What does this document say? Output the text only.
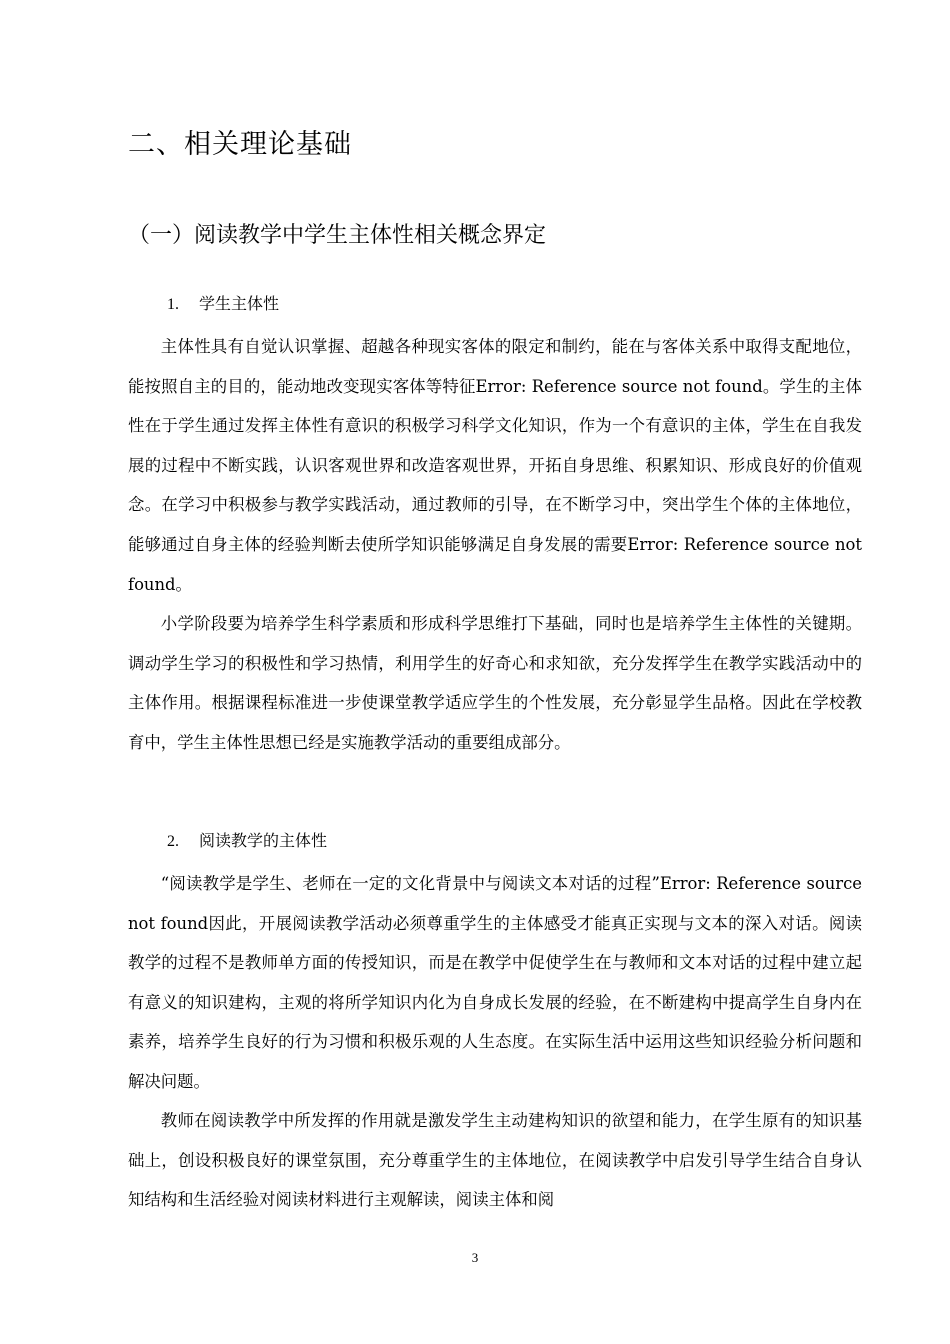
二、相关理论基础
（一）阅读教学中学生主体性相关概念界定
1. 学生主体性

主体性具有自觉认识掌握、超越各种现实客体的限定和制约，能在与客体关系中取得支配地位，能按照自主的目的，能动地改变现实客体等特征Error: Reference source not found。学生的主体性在于学生通过发挥主体性有意识的积极学习科学文化知识，作为一个有意识的主体，学生在自我发展的过程中不断实践，认识客观世界和改造客观世界，开拓自身思维、积累知识、形成良好的价值观念。在学习中积极参与教学实践活动，通过教师的引导，在不断学习中，突出学生个体的主体地位，能够通过自身主体的经验判断去使所学知识能够满足自身发展的需要Error: Reference source not found。

小学阶段要为培养学生科学素质和形成科学思维打下基础，同时也是培养学生主体性的关键期。调动学生学习的积极性和学习热情，利用学生的好奇心和求知欲，充分发挥学生在教学实践活动中的主体作用。根据课程标准进一步使课堂教学适应学生的个性发展，充分彰显学生品格。因此在学校教育中，学生主体性思想已经是实施教学活动的重要组成部分。

2. 阅读教学的主体性

“阅读教学是学生、老师在一定的文化背景中与阅读文本对话的过程”Error: Reference source not found因此，开展阅读教学活动必须尊重学生的主体感受才能真正实现与文本的深入对话。阅读教学的过程不是教师单方面的传授知识，而是在教学中促使学生在与教师和文本对话的过程中建立起有意义的知识建构，主观的将所学知识内化为自身成长发展的经验，在不断建构中提高学生自身内在素养，培养学生良好的行为习惯和积极乐观的人生态度。在实际生活中运用这些知识经验分析问题和解决问题。

教师在阅读教学中所发挥的作用就是激发学生主动建构知识的欲望和能力，在学生原有的知识基础上，创设积极良好的课堂氛围，充分尊重学生的主体地位，在阅读教学中启发引导学生结合自身认知结构和生活经验对阅读材料进行主观解读，阅读主体和阅

3
